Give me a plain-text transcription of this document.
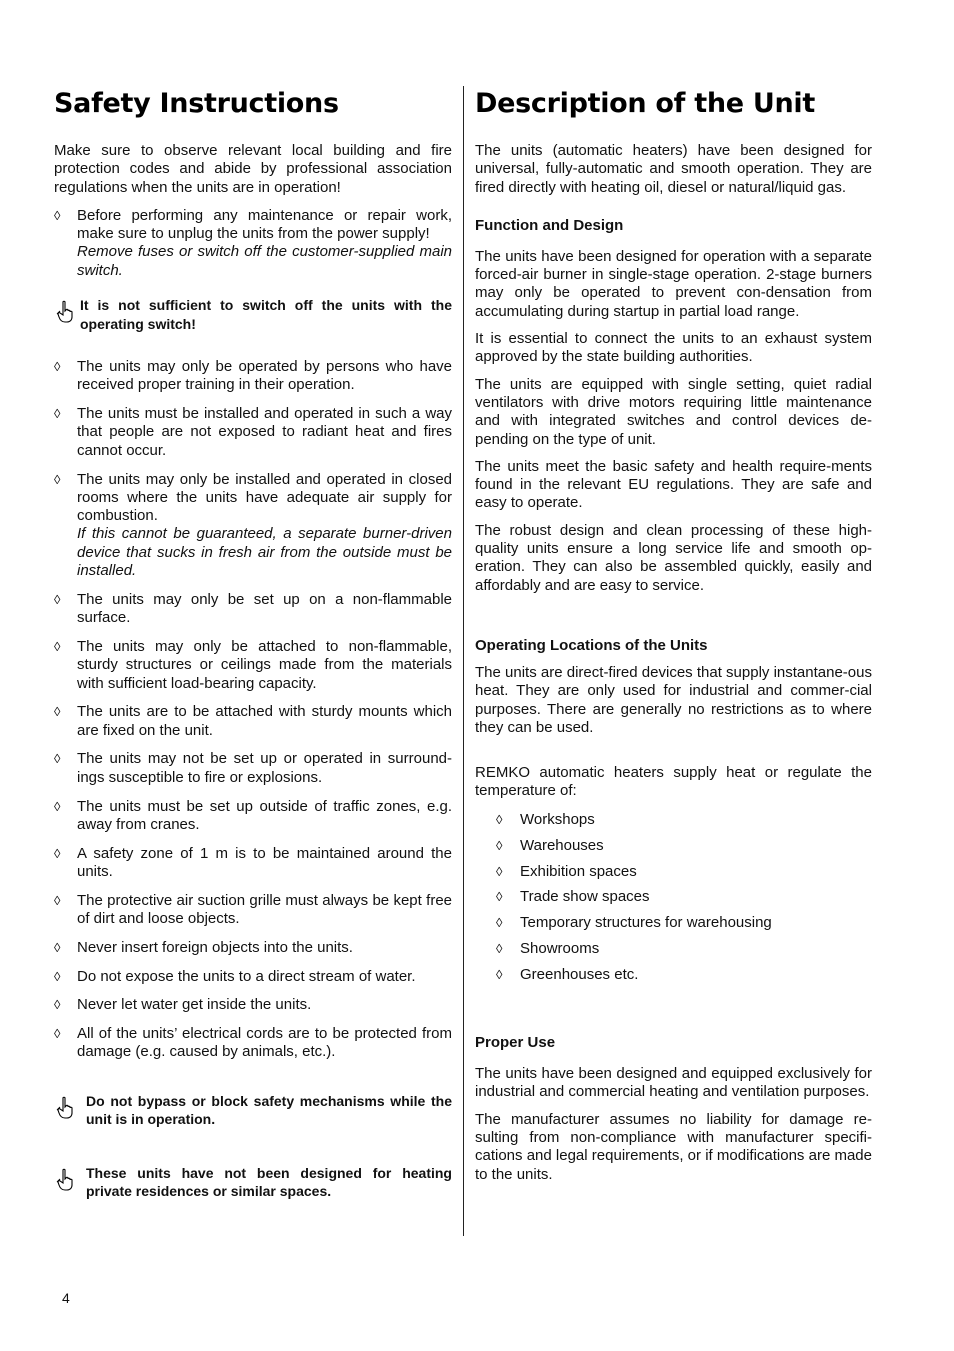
Safety Instructions

Make sure to observe relevant local building and fire protection codes and abide by professional association regulations when the units are in operation!

◊ Before performing any maintenance or repair work, make sure to unplug the units from the power supply!
Remove fuses or switch off the customer-supplied main switch.
It is not sufficient to switch off the units with the operating switch!
◊ The units may only be operated by persons who have received proper training in their operation.
◊ The units must be installed and operated in such a way that people are not exposed to radiant heat and fires cannot occur.
◊ The units may only be installed and operated in closed rooms where the units have adequate air supply for combustion.
If this cannot be guaranteed, a separate burner-driven device that sucks in fresh air from the outside must be installed.
◊ The units may only be set up on a non-flammable surface.
◊ The units may only be attached to non-flammable, sturdy structures or ceilings made from the materials with sufficient load-bearing capacity.
◊ The units are to be attached with sturdy mounts which are fixed on the unit.
◊ The units may not be set up or operated in surround-ings susceptible to fire or explosions.
◊ The units must be set up outside of traffic zones, e.g. away from cranes.
◊ A safety zone of 1 m is to be maintained around the units.
◊ The protective air suction grille must always be kept free of dirt and loose objects.
◊ Never insert foreign objects into the units.
◊ Do not expose the units to a direct stream of water.
◊ Never let water get inside the units.
◊ All of the units’ electrical cords are to be protected from damage (e.g. caused by animals, etc.).
Do not bypass or block safety mechanisms while the unit is in operation.
These units have not been designed for heating private residences or similar spaces.
Description of the Unit

The units (automatic heaters) have been designed for universal, fully-automatic and smooth operation. They are fired directly with heating oil, diesel or natural/liquid gas.

Function and Design

The units have been designed for operation with a separate forced-air burner in single-stage operation. 2-stage burners may only be operated to prevent con-densation from accumulating during startup in partial load range.

It is essential to connect the units to an exhaust system approved by the state building authorities.

The units are equipped with single setting, quiet radial ventilators with drive motors requiring little maintenance and with integrated switches and control devices de-pending on the type of unit.

The units meet the basic safety and health require-ments found in the relevant EU regulations. They are safe and easy to operate.

The robust design and clean processing of these high-quality units ensure a long service life and smooth op-eration. They can also be assembled quickly, easily and affordably and are easy to service.

Operating Locations of the Units

The units are direct-fired devices that supply instantane-ous heat. They are only used for industrial and commer-cial purposes. There are generally no restrictions as to where they can be used.

REMKO automatic heaters supply heat or regulate the temperature of:

◊ Workshops
◊ Warehouses
◊ Exhibition spaces
◊ Trade show spaces
◊ Temporary structures for warehousing
◊ Showrooms
◊ Greenhouses etc.
Proper Use

The units have been designed and equipped exclusively for industrial and commercial heating and ventilation purposes.

The manufacturer assumes no liability for damage re-sulting from non-compliance with manufacturer specifi-cations and legal requirements, or if modifications are made to the units.

4
